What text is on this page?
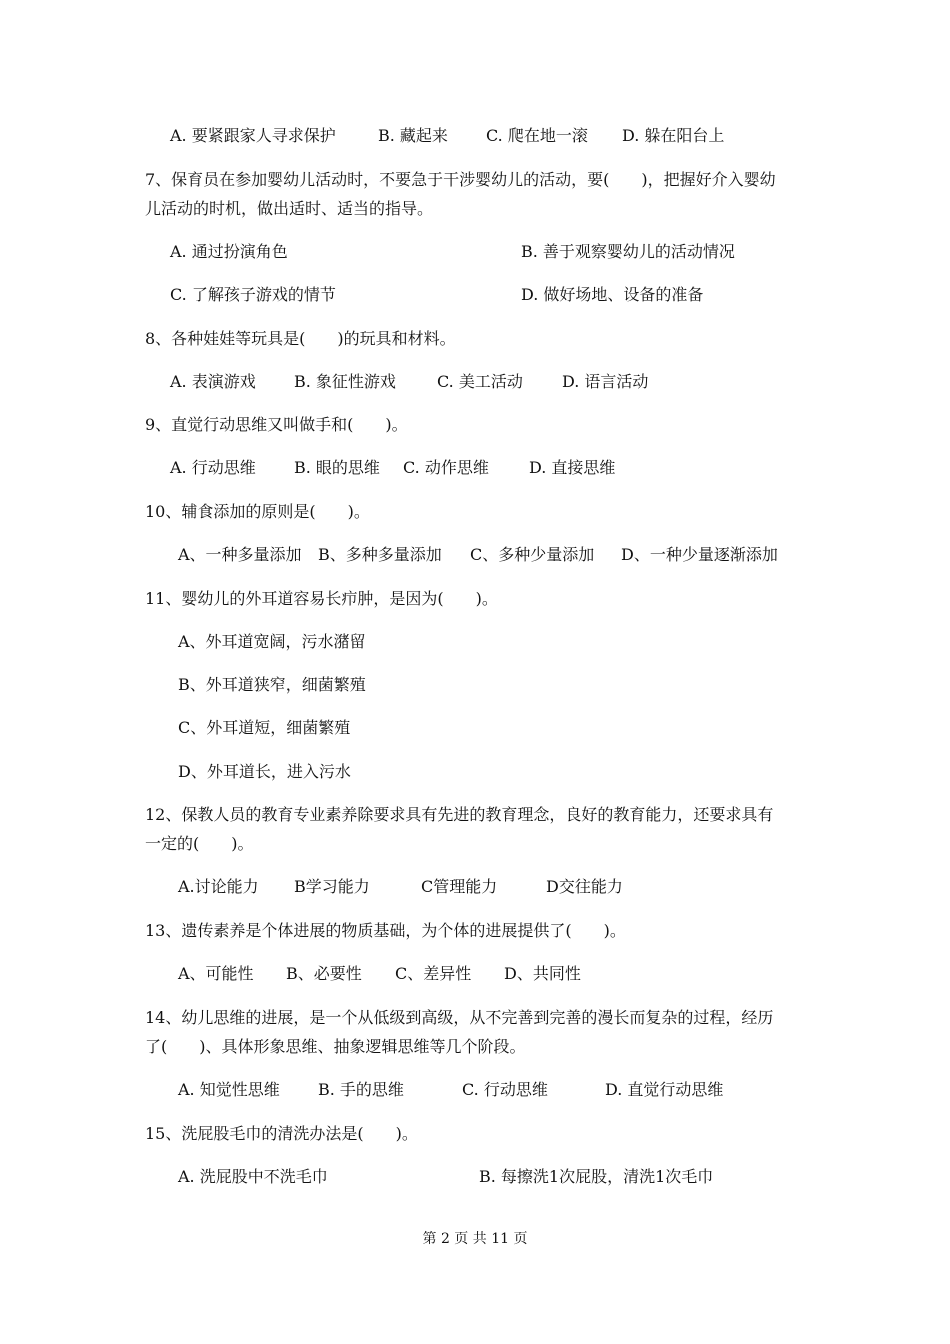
A. 要紧跟家人寻求保护	B. 藏起来 C. 爬在地一滚 D. 躲在阳台上
7、保育员在参加婴幼儿活动时，不要急于干涉婴幼儿的活动，要(　　)，把握好介入婴幼
儿活动的时机，做出适时、适当的指导。
A. 通过扮演角色	B. 善于观察婴幼儿的活动情况
C. 了解孩子游戏的情节	D. 做好场地、设备的准备
8、各种娃娃等玩具是(　　)的玩具和材料。
A. 表演游戏 B. 象征性游戏	C. 美工活动 D. 语言活动
9、直觉行动思维又叫做手和(　　)。
A. 行动思维 B. 眼的思维 C. 动作思维	D. 直接思维
10、辅食添加的原则是(　　)。
A、一种多量添加 B、多种多量添加 C、多种少量添加 D、一种少量逐渐添加
11、婴幼儿的外耳道容易长疖肿，是因为(　　)。
A、外耳道宽阔，污水潴留
B、外耳道狭窄，细菌繁殖
C、外耳道短，细菌繁殖
D、外耳道长，进入污水
12、保教人员的教育专业素养除要求具有先进的教育理念，良好的教育能力，还要求具有
一定的(　　)。
A.讨论能力 B学习能力	C管理能力	D交往能力
13、遗传素养是个体进展的物质基础，为个体的进展提供了(　　)。
A、可能性 B、必要性 C、差异性 D、共同性
14、幼儿思维的进展，是一个从低级到高级，从不完善到完善的漫长而复杂的过程，经历
了(　　)、具体形象思维、抽象逻辑思维等几个阶段。
A. 知觉性思维 B. 手的思维	C. 行动思维	D. 直觉行动思维
15、洗屁股毛巾的清洗办法是(　　)。
A. 洗屁股中不洗毛巾	B. 每擦洗1次屁股，清洗1次毛巾
第 2 页 共 11 页
